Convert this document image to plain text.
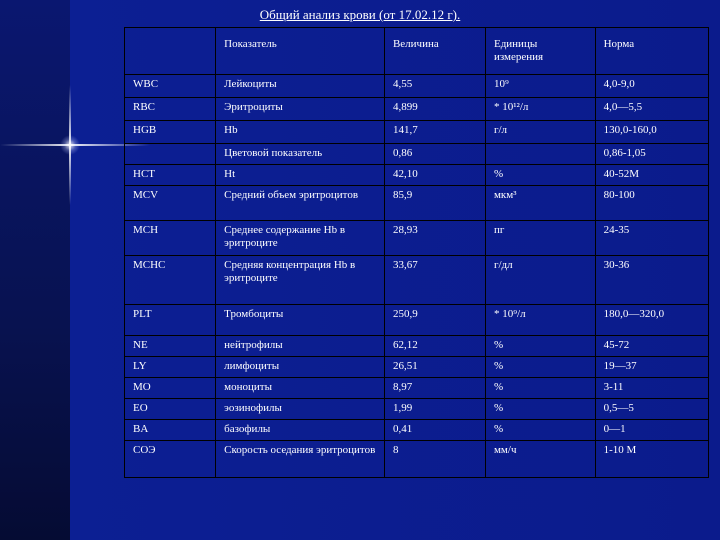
Общий анализ крови (от 17.02.12 г).
	Показатель	Величина	Единицы измерения	Норма
WBC	Лейкоциты	4,55	10⁹	4,0-9,0
RBC	Эритроциты	4,899	* 10¹²/л	4,0—5,5
HGB	Hb	141,7	г/л	130,0-160,0
	Цветовой показатель	0,86		0,86-1,05
HCT	Ht	42,10	%	40-52М
MCV	Средний объем эритроцитов	85,9	мкм³	80-100
MCH	Среднее содержание Hb в эритроците	28,93	пг	24-35
MCHC	Средняя концентрация Hb в эритроците	33,67	г/дл	30-36
PLT	Тромбоциты	250,9	* 10⁹/л	180,0—320,0
NE	нейтрофилы	62,12	%	45-72
LY	лимфоциты	26,51	%	19—37
MO	моноциты	8,97	%	3-11
EO	эозинофилы	1,99	%	0,5—5
BA	базофилы	0,41	%	0—1
СОЭ	Скорость оседания эритроцитов	8	мм/ч	1-10 М
